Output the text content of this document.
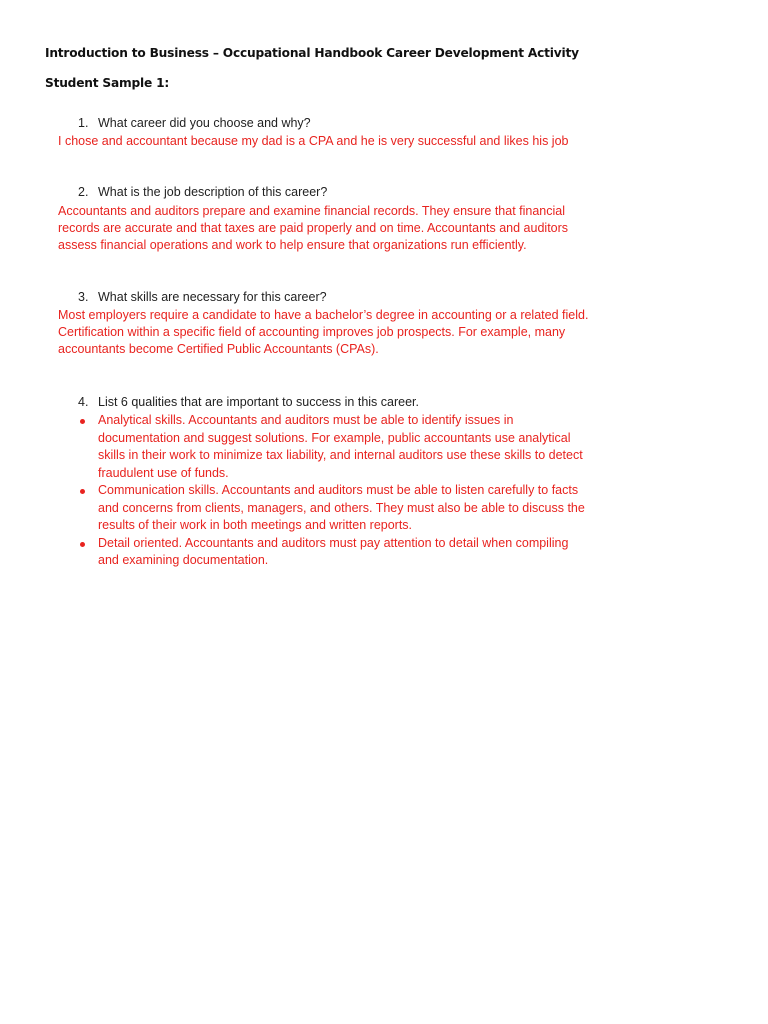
Introduction to Business – Occupational Handbook Career Development Activity
Student Sample 1:
1. What career did you choose and why?
I chose and accountant because my dad is a CPA and he is very successful and likes his job
2. What is the job description of this career?
Accountants and auditors prepare and examine financial records. They ensure that financial
records are accurate and that taxes are paid properly and on time. Accountants and auditors
assess financial operations and work to help ensure that organizations run efficiently.
3. What skills are necessary for this career?
Most employers require a candidate to have a bachelor’s degree in accounting or a related field.
Certification within a specific field of accounting improves job prospects. For example, many
accountants become Certified Public Accountants (CPAs).
4. List 6 qualities that are important to success in this career.
Analytical skills. Accountants and auditors must be able to identify issues in
documentation and suggest solutions. For example, public accountants use analytical
skills in their work to minimize tax liability, and internal auditors use these skills to detect
fraudulent use of funds.
Communication skills. Accountants and auditors must be able to listen carefully to facts
and concerns from clients, managers, and others. They must also be able to discuss the
results of their work in both meetings and written reports.
Detail oriented. Accountants and auditors must pay attention to detail when compiling
and examining documentation.
